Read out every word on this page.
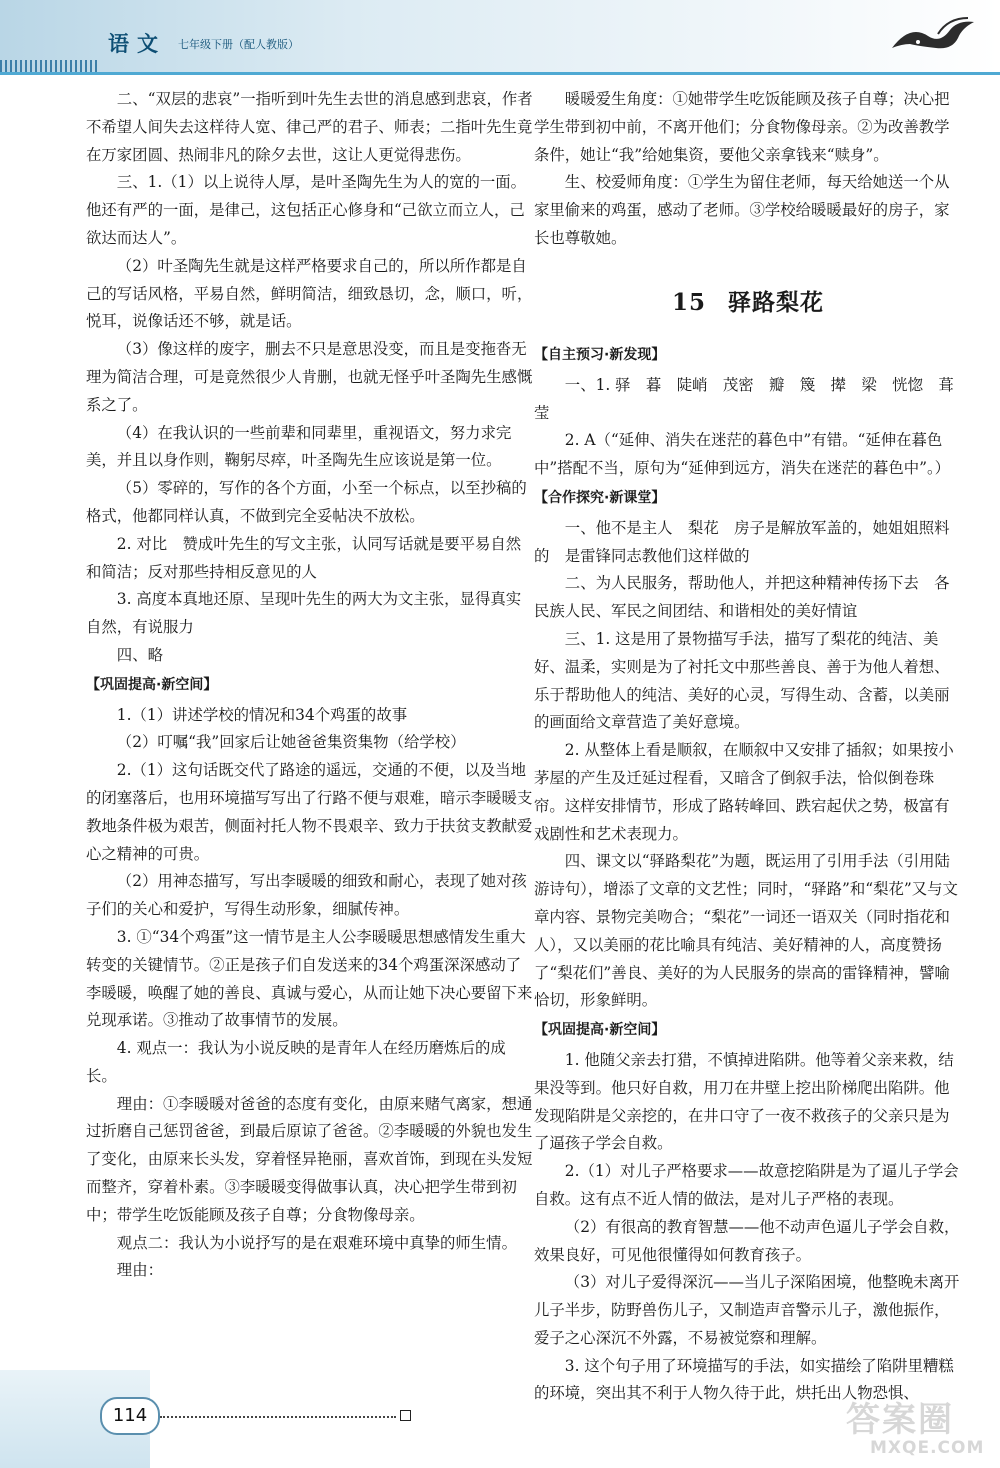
语文 七年级下册（配人教版）

二、“双层的悲哀”一指听到叶先生去世的消息感到悲哀，作者不希望人间失去这样待人宽、律己严的君子、师表；二指叶先生竟在万家团圆、热闹非凡的除夕去世，这让人更觉得悲伤。

三、1.（1）以上说待人厚，是叶圣陶先生为人的宽的一面。他还有严的一面，是律己，这包括正心修身和“己欲立而立人，己欲达而达人”。

（2）叶圣陶先生就是这样严格要求自己的，所以所作都是自己的写话风格，平易自然，鲜明简洁，细致恳切，念，顺口，听，悦耳，说像话还不够，就是话。

（3）像这样的废字，删去不只是意思没变，而且是变拖沓无理为简洁合理，可是竟然很少人肯删，也就无怪乎叶圣陶先生感慨系之了。

（4）在我认识的一些前辈和同辈里，重视语文，努力求完美，并且以身作则，鞠躬尽瘁，叶圣陶先生应该说是第一位。

（5）零碎的，写作的各个方面，小至一个标点，以至抄稿的格式，他都同样认真，不做到完全妥帖决不放松。

2. 对比　赞成叶先生的写文主张，认同写话就是要平易自然和简洁；反对那些持相反意见的人

3. 高度本真地还原、呈现叶先生的两大为文主张，显得真实自然，有说服力

四、略

【巩固提高·新空间】

1.（1）讲述学校的情况和34个鸡蛋的故事

（2）叮嘱“我”回家后让她爸爸集资集物（给学校）

2.（1）这句话既交代了路途的遥远，交通的不便，以及当地的闭塞落后，也用环境描写写出了行路不便与艰难，暗示李暖暖支教地条件极为艰苦，侧面衬托人物不畏艰辛、致力于扶贫支教献爱心之精神的可贵。

（2）用神态描写，写出李暖暖的细致和耐心，表现了她对孩子们的关心和爱护，写得生动形象，细腻传神。

3. ①“34个鸡蛋”这一情节是主人公李暖暖思想感情发生重大转变的关键情节。②正是孩子们自发送来的34个鸡蛋深深感动了李暖暖，唤醒了她的善良、真诚与爱心，从而让她下决心要留下来兑现承诺。③推动了故事情节的发展。

4. 观点一：我认为小说反映的是青年人在经历磨炼后的成长。

理由：①李暖暖对爸爸的态度有变化，由原来赌气离家，想通过折磨自己惩罚爸爸，到最后原谅了爸爸。②李暖暖的外貌也发生了变化，由原来长头发，穿着怪异艳丽，喜欢首饰，到现在头发短而整齐，穿着朴素。③李暖暖变得做事认真，决心把学生带到初中；带学生吃饭能顾及孩子自尊；分食物像母亲。

观点二：我认为小说抒写的是在艰难环境中真挚的师生情。

理由：

暖暖爱生角度：①她带学生吃饭能顾及孩子自尊；决心把学生带到初中前，不离开他们；分食物像母亲。②为改善教学条件，她让“我”给她集资，要他父亲拿钱来“赎身”。

生、校爱师角度：①学生为留住老师，每天给她送一个从家里偷来的鸡蛋，感动了老师。③学校给暖暖最好的房子，家长也尊敬她。

15 驿路梨花

【自主预习·新发现】

一、1. 驿　暮　陡峭　茂密　瓣　篾　撵　梁　恍惚　葺　莹

2. A（“延伸、消失在迷茫的暮色中”有错。“延伸在暮色中”搭配不当，原句为“延伸到远方，消失在迷茫的暮色中”。）

【合作探究·新课堂】

一、他不是主人　梨花　房子是解放军盖的，她姐姐照料的　是雷锋同志教他们这样做的

二、为人民服务，帮助他人，并把这种精神传扬下去　各民族人民、军民之间团结、和谐相处的美好情谊

三、1. 这是用了景物描写手法，描写了梨花的纯洁、美好、温柔，实则是为了衬托文中那些善良、善于为他人着想、乐于帮助他人的纯洁、美好的心灵，写得生动、含蓄，以美丽的画面给文章营造了美好意境。

2. 从整体上看是顺叙，在顺叙中又安排了插叙；如果按小茅屋的产生及迁延过程看，又暗含了倒叙手法，恰似倒卷珠帘。这样安排情节，形成了路转峰回、跌宕起伏之势，极富有戏剧性和艺术表现力。

四、课文以“驿路梨花”为题，既运用了引用手法（引用陆游诗句），增添了文章的文艺性；同时，“驿路”和“梨花”又与文章内容、景物完美吻合；“梨花”一词还一语双关（同时指花和人），又以美丽的花比喻具有纯洁、美好精神的人，高度赞扬了“梨花们”善良、美好的为人民服务的崇高的雷锋精神，譬喻恰切，形象鲜明。

【巩固提高·新空间】

1. 他随父亲去打猎，不慎掉进陷阱。他等着父亲来救，结果没等到。他只好自救，用刀在井壁上挖出阶梯爬出陷阱。他发现陷阱是父亲挖的，在井口守了一夜不救孩子的父亲只是为了逼孩子学会自救。

2.（1）对儿子严格要求——故意挖陷阱是为了逼儿子学会自救。这有点不近人情的做法，是对儿子严格的表现。

（2）有很高的教育智慧——他不动声色逼儿子学会自救，效果良好，可见他很懂得如何教育孩子。

（3）对儿子爱得深沉——当儿子深陷困境，他整晚未离开儿子半步，防野兽伤儿子，又制造声音警示儿子，激他振作，爱子之心深沉不外露，不易被觉察和理解。

3. 这个句子用了环境描写的手法，如实描绘了陷阱里糟糕的环境，突出其不利于人物久待于此，烘托出人物恐惧、

114	答案圈
MXQE.COM
